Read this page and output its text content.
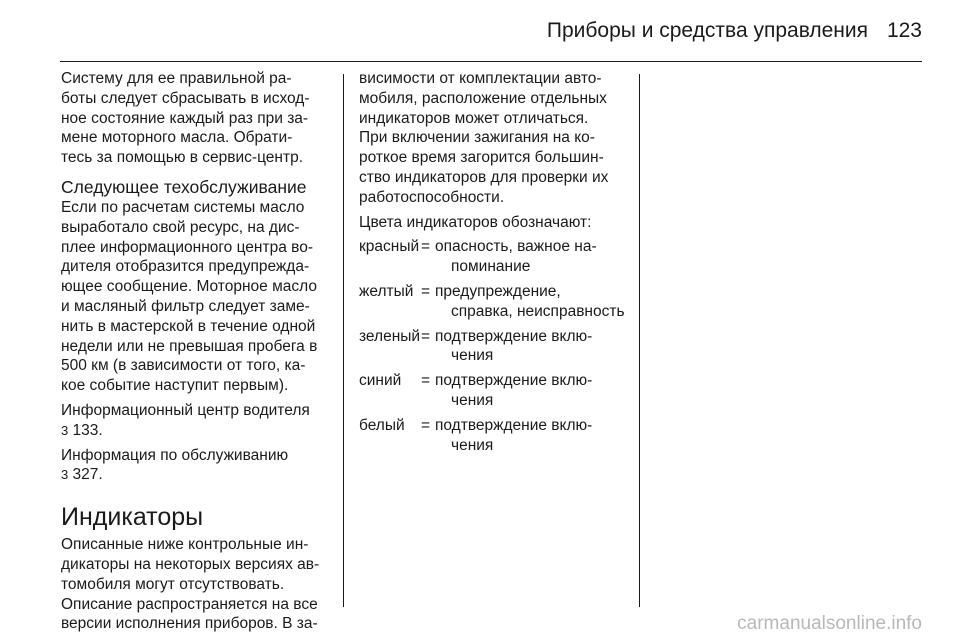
Приборы и средства управления 123
Систему для ее правильной ра-
боты следует сбрасывать в исход-
ное состояние каждый раз при за-
мене моторного масла. Обрати-
тесь за помощью в сервис-центр.
Следующее техобслуживание
Если по расчетам системы масло
выработало свой ресурс, на дис-
плее информационного центра во-
дителя отобразится предупрежда-
ющее сообщение. Моторное масло
и масляный фильтр следует заме-
нить в мастерской в течение одной
недели или не превышая пробега в
500 км (в зависимости от того, ка-
кое событие наступит первым).
Информационный центр водителя
3 133.
Информация по обслуживанию
3 327.
Индикаторы
Описанные ниже контрольные ин-
дикаторы на некоторых версиях ав-
томобиля могут отсутствовать.
Описание распространяется на все
версии исполнения приборов. В за-
висимости от комплектации авто-
мобиля, расположение отдельных
индикаторов может отличаться.
При включении зажигания на ко-
роткое время загорится большин-
ство индикаторов для проверки их
работоспособности.
Цвета индикаторов обозначают:
красный = опасность, важное на-
поминание
желтый = предупреждение,
справка, неисправность
зеленый = подтверждение вклю-
чения
синий	= подтверждение вклю-
чения
белый	= подтверждение вклю-
чения
carmanualsonline.info
